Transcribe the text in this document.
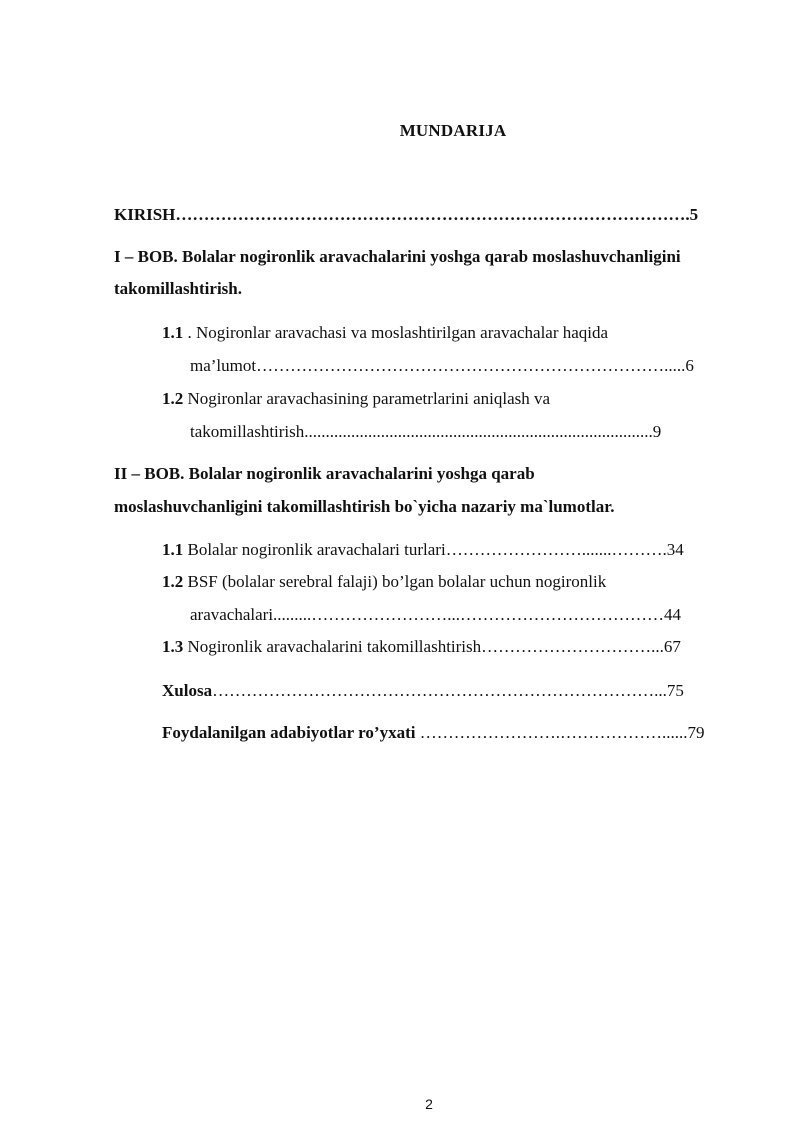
MUNDARIJA
KIRISH……………………………………………………………………………….5
I – BOB. Bolalar nogironlik aravachalarini yoshga qarab moslashuvchanligini
takomillashtirish.
1.1 . Nogironlar aravachasi va moslashtirilgan aravachalar haqida
ma’lumot……………………………………………………………….....6
1.2 Nogironlar aravachasining parametrlarini aniqlash va
takomillashtirish..................................................................................9
II – BOB. Bolalar nogironlik aravachalarini yoshga qarab
moslashuvchanligini takomillashtirish bo`yicha nazariy ma`lumotlar.
1.1 Bolalar nogironlik aravachalari turlari…………………….......……….34
1.2 BSF (bolalar serebral falaji) bo’lgan bolalar uchun nogironlik
aravachalari.........……………………...………………………………44
1.3 Nogironlik aravachalarini takomillashtirish…………………………...67
Xulosa……………………………………………………………………...75
Foydalanilgan adabiyotlar ro’yxati …………………….………………......79
2
